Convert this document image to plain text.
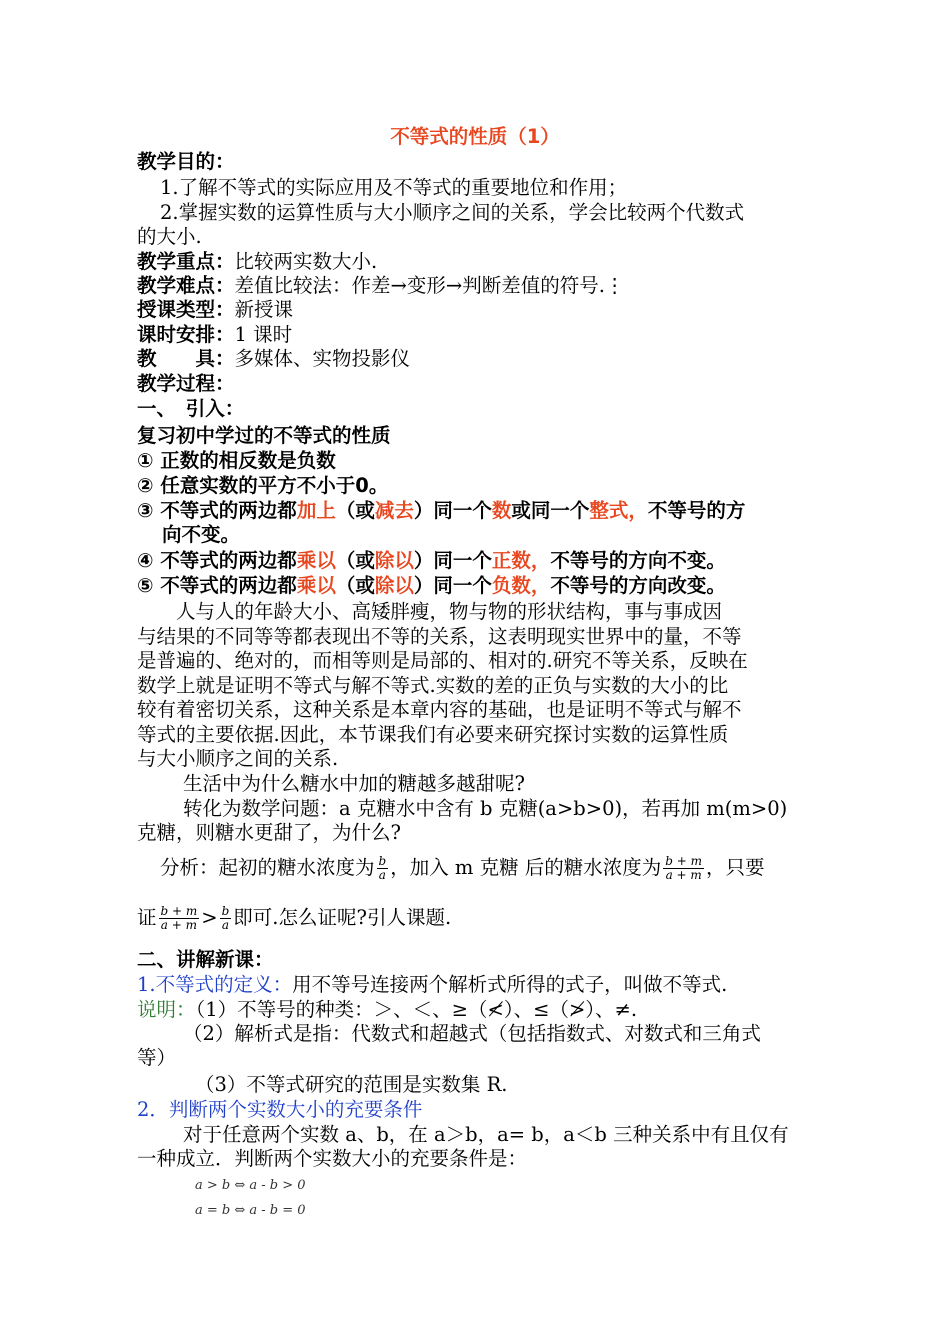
不等式的性质（1）
教学目的：
1.了解不等式的实际应用及不等式的重要地位和作用；
2.掌握实数的运算性质与大小顺序之间的关系，学会比较两个代数式
的大小.
教学重点：比较两实数大小.
教学难点：差值比较法：作差→变形→判断差值的符号.⋮
授课类型：新授课
课时安排：1 课时
教　　具：多媒体、实物投影仪
教学过程：
一、　引入：
复习初中学过的不等式的性质
① 正数的相反数是负数
② 任意实数的平方不小于0。
③ 不等式的两边都加上（或减去）同一个数或同一个整式，不等号的方
向不变。
④ 不等式的两边都乘以（或除以）同一个正数，不等号的方向不变。
⑤ 不等式的两边都乘以（或除以）同一个负数，不等号的方向改变。
　　人与人的年龄大小、高矮胖瘦，物与物的形状结构，事与事成因
与结果的不同等等都表现出不等的关系，这表明现实世界中的量，不等
是普遍的、绝对的，而相等则是局部的、相对的.研究不等关系，反映在
数学上就是证明不等式与解不等式.实数的差的正负与实数的大小的比
较有着密切关系，这种关系是本章内容的基础，也是证明不等式与解不
等式的主要依据.因此，本节课我们有必要来研究探讨实数的运算性质
与大小顺序之间的关系.
生活中为什么糖水中加的糖越多越甜呢?
转化为数学问题：a 克糖水中含有 b 克糖(a>b>0)，若再加 m(m>0)
克糖，则糖水更甜了，为什么?
分析：起初的糖水浓度为 $\frac{b}{a}$ ，加入 m 克糖 后的糖水浓度为 $\frac{b + m}{a + m}$ ，只要
证 $\frac{b + m}{a + m} > \frac{b}{a}$ 即可.怎么证呢?引人课题.
二、讲解新课：
1.不等式的定义：用不等号连接两个解析式所得的式子，叫做不等式.
说明：（1）不等号的种类：＞、＜、≥（≮）、≤（≯）、≠.
（2）解析式是指：代数式和超越式（包括指数式、对数式和三角式
等）
（3）不等式研究的范围是实数集 R.
2．判断两个实数大小的充要条件
对于任意两个实数 a、b，在 a＞b，a= b，a＜b 三种关系中有且仅有
一种成立．判断两个实数大小的充要条件是：
a > b ⇔ a - b > 0
a = b ⇔ a - b = 0
